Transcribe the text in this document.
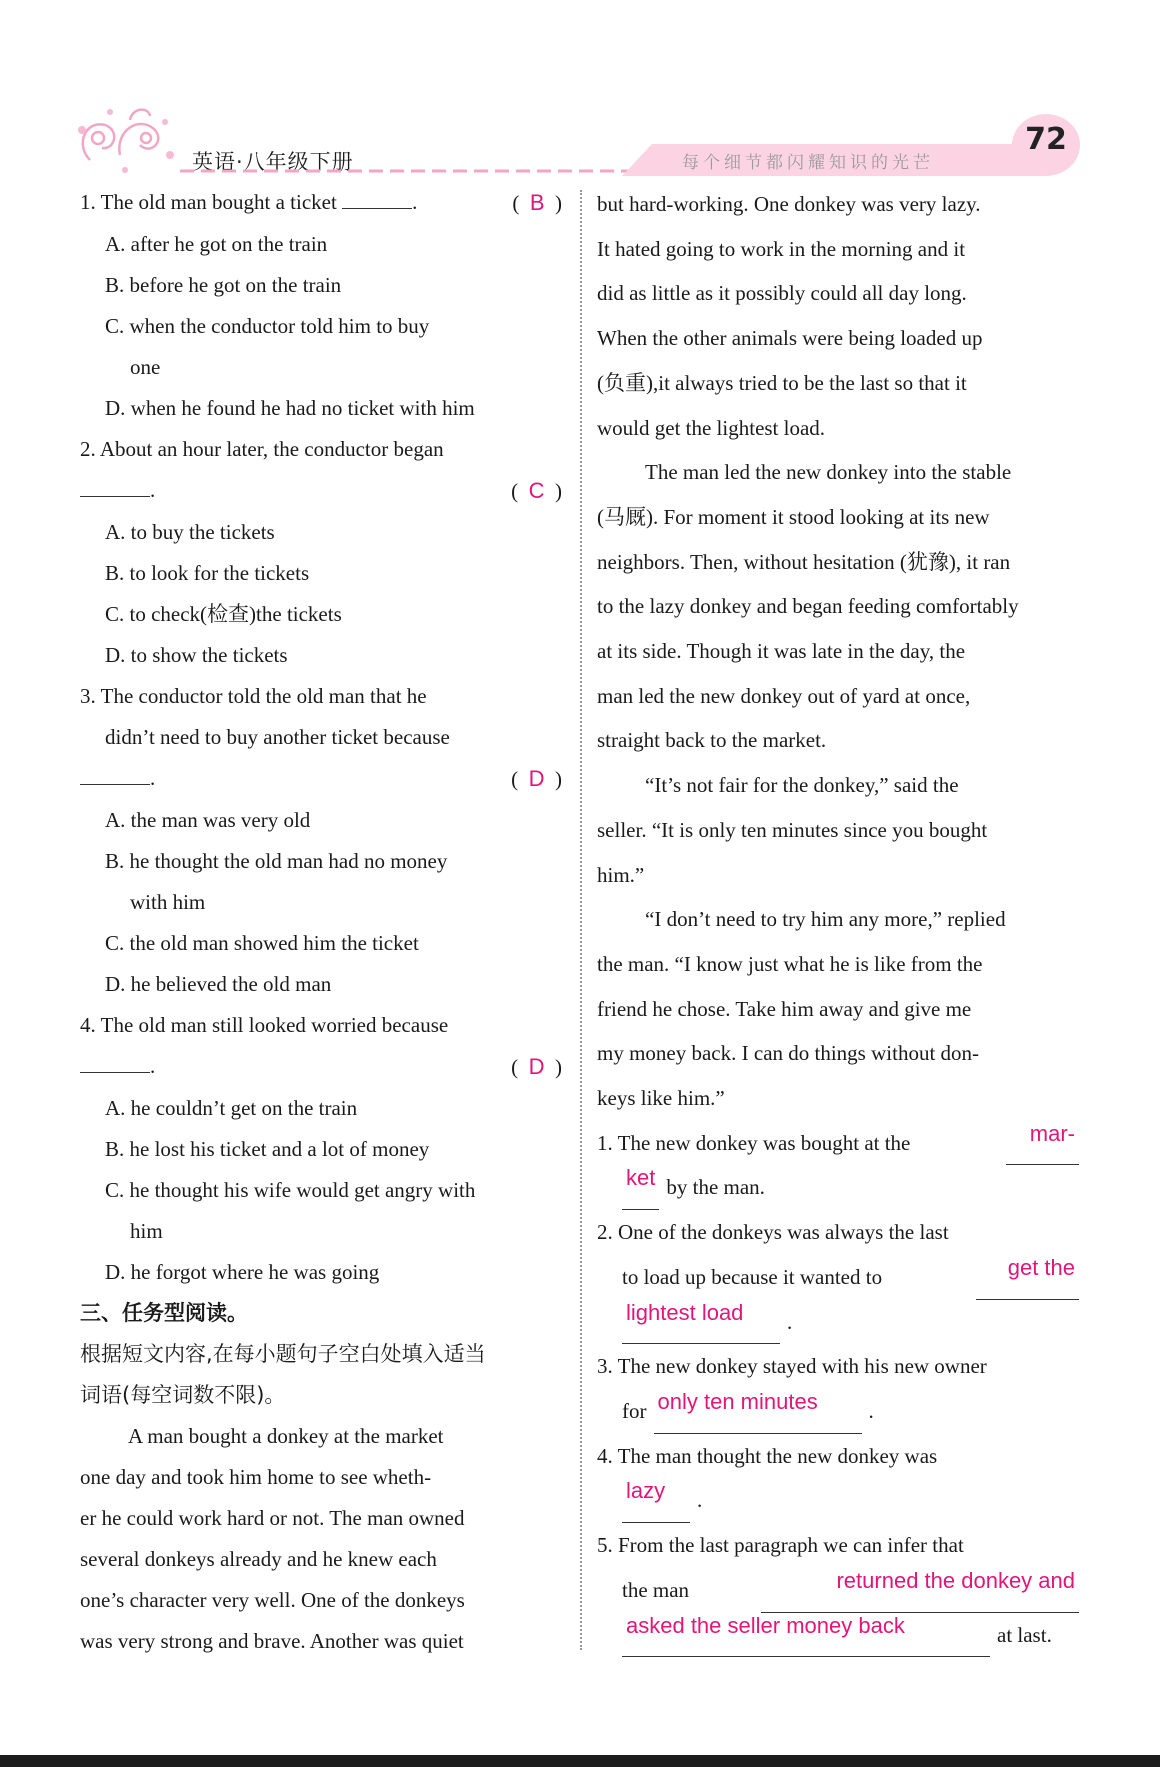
英语·八年级下册	每个细节都闪耀知识的光芒
72
1. The old man bought a ticket	.	(  B  )
A. after he got on the train
B. before he got on the train
C. when the conductor told him to buy
one
D. when he found he had no ticket with him
2. About an hour later, the conductor began
.	(  C  )
A. to buy the tickets
B. to look for the tickets
C. to check(检查)the tickets
D. to show the tickets
3. The conductor told the old man that he
didn’t need to buy another ticket because
.	(  D  )
A. the man was very old
B. he thought the old man had no money
with him
C. the old man showed him the ticket
D. he believed the old man
4. The old man still looked worried because
.	(  D  )
A. he couldn’t get on the train
B. he lost his ticket and a lot of money
C. he thought his wife would get angry with
him
D. he forgot where he was going
三、任务型阅读。
根据短文内容,在每小题句子空白处填入适当
词语(每空词数不限)。
A man bought a donkey at the market
one day and took him home to see wheth-
er he could work hard or not. The man owned
several donkeys already and he knew each
one’s character very well. One of the donkeys
was very strong and brave. Another was quiet
but hard-working. One donkey was very lazy.
It hated going to work in the morning and it
did as little as it possibly could all day long.
When the other animals were being loaded up
(负重),it always tried to be the last so that it
would get the lightest load.
The man led the new donkey into the stable
(马厩). For moment it stood looking at its new
neighbors. Then, without hesitation (犹豫), it ran
to the lazy donkey and began feeding comfortably
at its side. Though it was late in the day, the
man led the new donkey out of yard at once,
straight back to the market.
“It’s not fair for the donkey,” said the
seller. “It is only ten minutes since you bought
him.”
“I don’t need to try him any more,” replied
the man. “I know just what he is like from the
friend he chose. Take him away and give me
my money back. I can do things without don-
keys like him.”
1. The new donkey was bought at the	mar-
ket by the man.
2. One of the donkeys was always the last
to load up because it wanted to	get the
lightest load	.
3. The new donkey stayed with his new owner
for only ten minutes	.
4. The man thought the new donkey was
lazy	.
5. From the last paragraph we can infer that
the man	returned the donkey and
asked the seller money back	at last.
